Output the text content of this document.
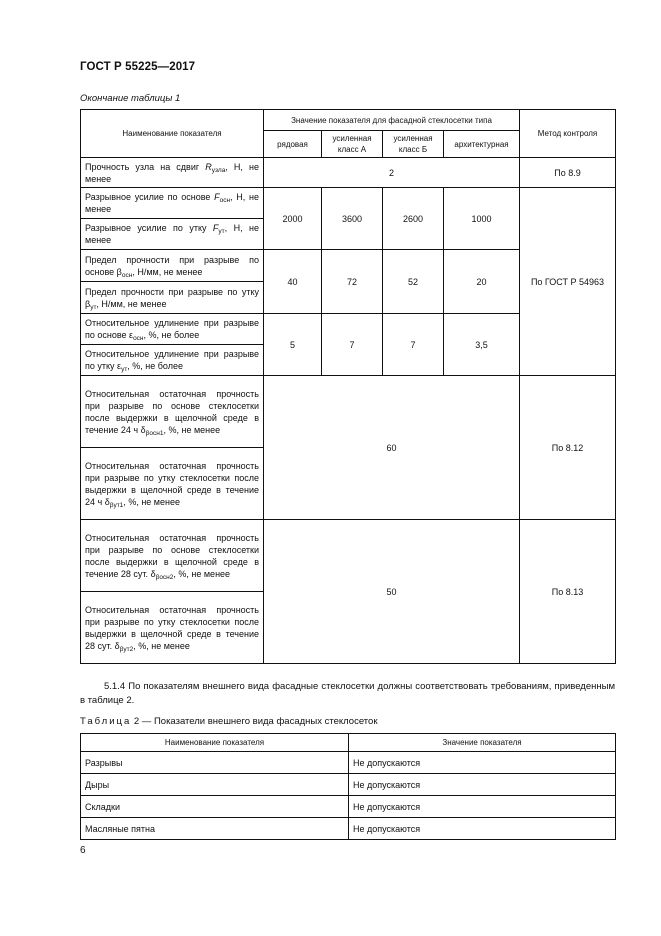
ГОСТ Р 55225—2017
Окончание таблицы 1
Наименование показателя	Значение показателя для фасадной стеклосетки типа				Метод контроля
	рядовая	усиленная класс А	усиленная класс Б	архитектурная	
Прочность узла на сдвиг $R_{узла}$, Н, не менее	2				По 8.9
Разрывное усилие по основе $F_{осн}$, Н, не менее	2000	3600	2600	1000	По ГОСТ Р 54963
Разрывное усилие по утку $F_{ут}$, Н, не менее					
Предел прочности при разрыве по основе $\beta_{осн}$, Н/мм, не менее	40	72	52	20	
Предел прочности при разрыве по утку $\beta_{ут}$, Н/мм, не менее					
Относительное удлинение при разрыве по основе $\varepsilon_{осн}$, %, не более	5	7	7	3,5	
Относительное удлинение при разрыве по утку $\varepsilon_{ут}$, %, не более					
Относительная остаточная прочность при разрыве по основе стеклосетки после выдержки в щелочной среде в течение 24 ч $\delta_{\beta осн1}$, %, не менее	60				По 8.12
Относительная остаточная прочность при разрыве по утку стеклосетки после выдержки в щелочной среде в течение 24 ч $\delta_{\beta ут1}$, %, не менее					
Относительная остаточная прочность при разрыве по основе стеклосетки после выдержки в щелочной среде в течение 28 сут. $\delta_{\beta осн2}$, %, не менее	50				По 8.13
Относительная остаточная прочность при разрыве по утку стеклосетки после выдержки в щелочной среде в течение 28 сут. $\delta_{\beta ут2}$, %, не менее					
5.1.4 По показателям внешнего вида фасадные стеклосетки должны соответствовать требованиям, приведенным в таблице 2.
Таблица 2 — Показатели внешнего вида фасадных стеклосеток
Наименование показателя	Значение показателя
Разрывы	Не допускаются
Дыры	Не допускаются
Складки	Не допускаются
Масляные пятна	Не допускаются
6
